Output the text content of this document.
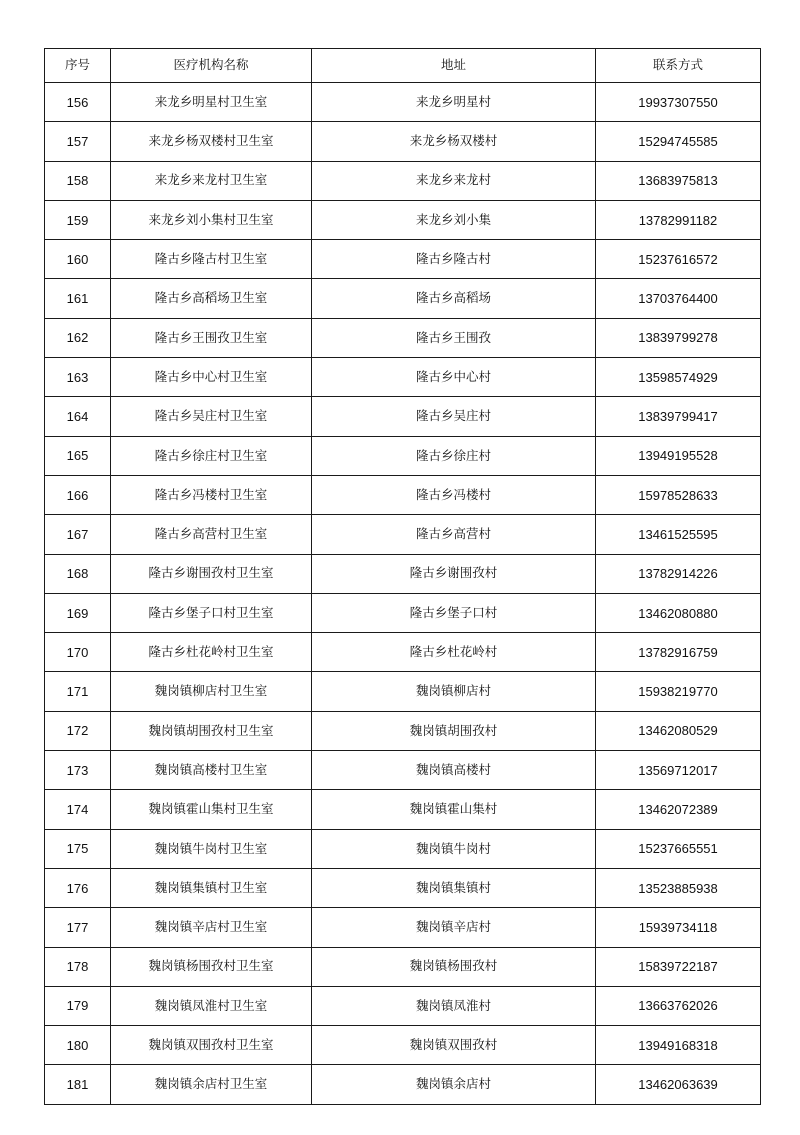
序号	医疗机构名称	地址	联系方式
156	来龙乡明星村卫生室	来龙乡明星村	19937307550
157	来龙乡杨双楼村卫生室	来龙乡杨双楼村	15294745585
158	来龙乡来龙村卫生室	来龙乡来龙村	13683975813
159	来龙乡刘小集村卫生室	来龙乡刘小集	13782991182
160	隆古乡隆古村卫生室	隆古乡隆古村	15237616572
161	隆古乡高稻场卫生室	隆古乡高稻场	13703764400
162	隆古乡王围孜卫生室	隆古乡王围孜	13839799278
163	隆古乡中心村卫生室	隆古乡中心村	13598574929
164	隆古乡吴庄村卫生室	隆古乡吴庄村	13839799417
165	隆古乡徐庄村卫生室	隆古乡徐庄村	13949195528
166	隆古乡冯楼村卫生室	隆古乡冯楼村	15978528633
167	隆古乡高营村卫生室	隆古乡高营村	13461525595
168	隆古乡谢围孜村卫生室	隆古乡谢围孜村	13782914226
169	隆古乡堡子口村卫生室	隆古乡堡子口村	13462080880
170	隆古乡杜花岭村卫生室	隆古乡杜花岭村	13782916759
171	魏岗镇柳店村卫生室	魏岗镇柳店村	15938219770
172	魏岗镇胡围孜村卫生室	魏岗镇胡围孜村	13462080529
173	魏岗镇高楼村卫生室	魏岗镇高楼村	13569712017
174	魏岗镇霍山集村卫生室	魏岗镇霍山集村	13462072389
175	魏岗镇牛岗村卫生室	魏岗镇牛岗村	15237665551
176	魏岗镇集镇村卫生室	魏岗镇集镇村	13523885938
177	魏岗镇辛店村卫生室	魏岗镇辛店村	15939734118
178	魏岗镇杨围孜村卫生室	魏岗镇杨围孜村	15839722187
179	魏岗镇凤淮村卫生室	魏岗镇凤淮村	13663762026
180	魏岗镇双围孜村卫生室	魏岗镇双围孜村	13949168318
181	魏岗镇余店村卫生室	魏岗镇余店村	13462063639
